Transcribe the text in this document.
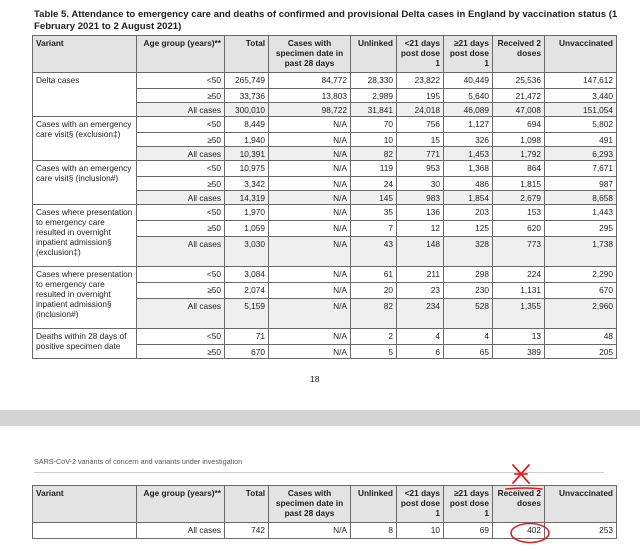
Table 5. Attendance to emergency care and deaths of confirmed and provisional Delta cases in England by vaccination status (1 February 2021 to 2 August 2021)
Variant	Age group (years)**	Total	Cases with specimen date in past 28 days	Unlinked	<21 days post dose 1	≥21 days post dose 1	Received 2 doses	Unvaccinated
Delta cases	<50	265,749	84,772	28,330	23,822	40,449	25,536	147,612
	≥50	33,736	13,803	2,989	195	5,640	21,472	3,440
	All cases	300,010	98,722	31,841	24,018	46,089	47,008	151,054
Cases with an emergency care visit§ (exclusion‡)	<50	8,449	N/A	70	756	1,127	694	5,802
	≥50	1,940	N/A	10	15	326	1,098	491
	All cases	10,391	N/A	82	771	1,453	1,792	6,293
Cases with an emergency care visit§ (inclusion#)	<50	10,975	N/A	119	953	1,368	864	7,671
	≥50	3,342	N/A	24	30	486	1,815	987
	All cases	14,319	N/A	145	983	1,854	2,679	8,658
Cases where presentation to emergency care resulted in overnight inpatient admission§ (exclusion‡)	<50	1,970	N/A	35	136	203	153	1,443
	≥50	1,059	N/A	7	12	125	620	295
	All cases	3,030	N/A	43	148	328	773	1,738
Cases where presentation to emergency care resulted in overnight inpatient admission§ (inclusion#)	<50	3,084	N/A	61	211	298	224	2,290
	≥50	2,074	N/A	20	23	230	1,131	670
	All cases	5,159	N/A	82	234	528	1,355	2,960
Deaths within 28 days of positive specimen date	<50	71	N/A	2	4	4	13	48
	≥50	670	N/A	5	6	65	389	205
18
SARS-CoV-2 variants of concern and variants under investigation
Variant	Age group (years)**	Total	Cases with specimen date in past 28 days	Unlinked	<21 days post dose 1	≥21 days post dose 1	Received 2 doses	Unvaccinated
	All cases	742	N/A	8	10	69	402	253
